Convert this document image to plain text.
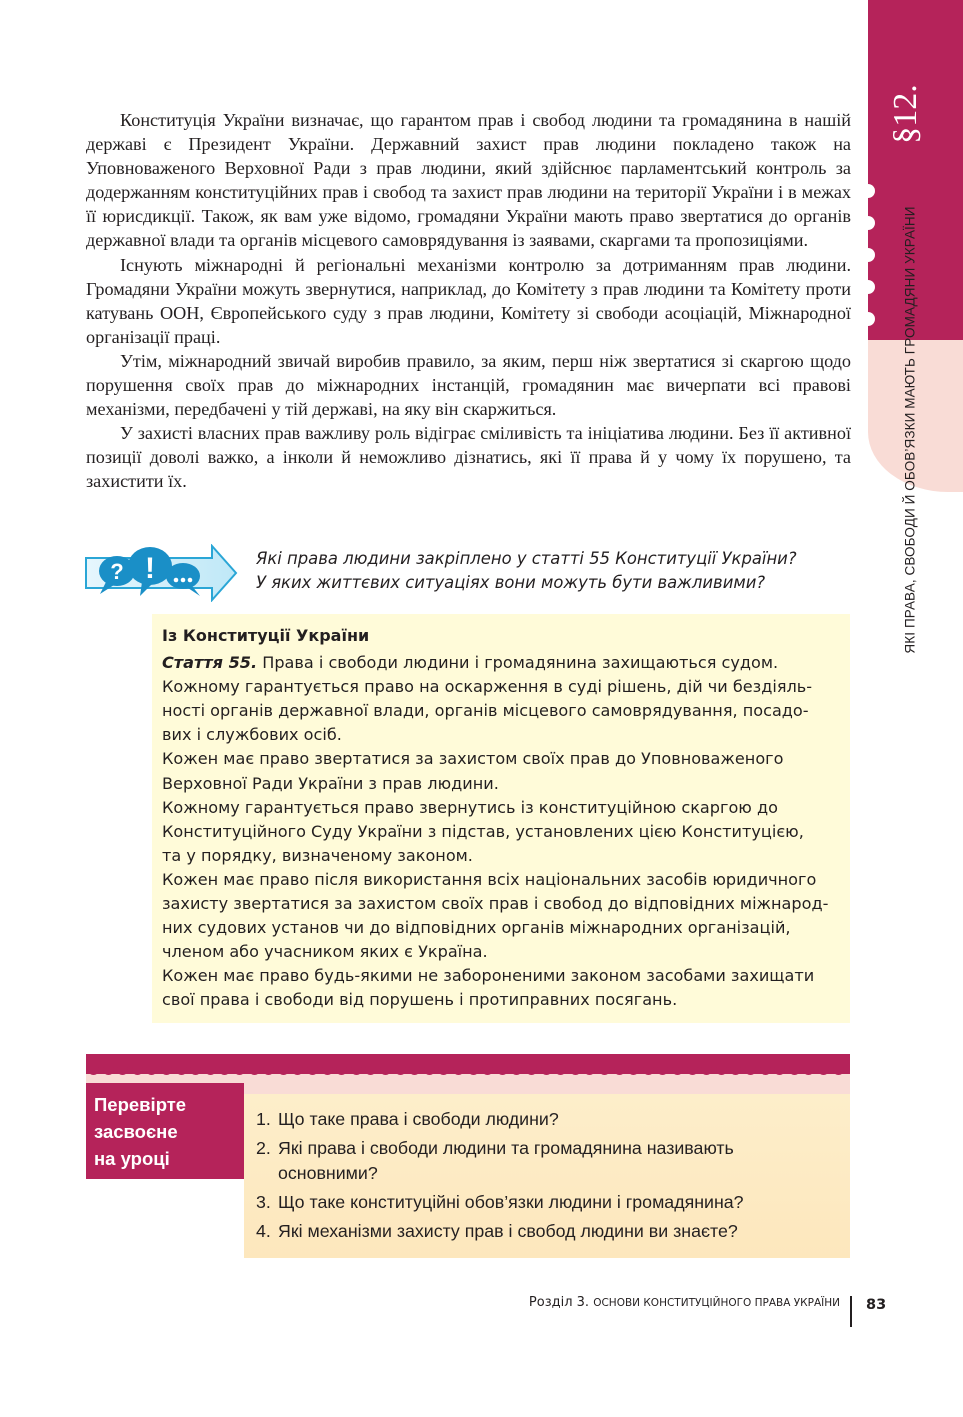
§12.
ЯКІ ПРАВА, СВОБОДИ Й ОБОВ’ЯЗКИ МАЮТЬ ГРОМАДЯНИ УКРАЇНИ

Конституція України визначає, що гарантом прав і свобод людини та громадянина в нашій державі є Президент України. Державний захист прав людини покладено також на Уповноваженого Верховної Ради з прав людини, який здійснює парламентський контроль за додержанням конституційних прав і свобод та захист прав людини на території України і в межах її юрисдикції. Також, як вам уже відомо, громадяни України мають право звертатися до органів державної влади та органів місцевого самоврядування із заявами, скаргами та пропозиціями.

Існують міжнародні й регіональні механізми контролю за дотриманням прав людини. Громадяни України можуть звернутися, наприклад, до Комітету з прав людини та Комітету проти катувань ООН, Європейського суду з прав людини, Комітету зі свободи асоціацій, Міжнародної організації праці.

Утім, міжнародний звичай виробив правило, за яким, перш ніж звертатися зі скаргою щодо порушення своїх прав до міжнародних інстанцій, громадянин має вичерпати всі правові механізми, передбачені у тій державі, на яку він скаржиться.

У захисті власних прав важливу роль відіграє сміливість та ініціатива людини. Без її активної позиції доволі важко, а інколи й неможливо дізнатись, які її права й у чому їх порушено, та захистити їх.

? !	Які права людини закріплено у статті 55 Конституції України?
У яких життєвих ситуаціях вони можуть бути важливими?
Із Конституції України
Стаття 55. Права і свободи людини і громадянина захищаються судом.
Кожному гарантується право на оскарження в суді рішень, дій чи бездіяль-
ності органів державної влади, органів місцевого самоврядування, посадо-
вих і службових осіб.
Кожен має право звертатися за захистом своїх прав до Уповноваженого
Верховної Ради України з прав людини.
Кожному гарантується право звернутись із конституційною скаргою до
Конституційного Суду України з підстав, установлених цією Конституцією,
та у порядку, визначеному законом.
Кожен має право після використання всіх національних засобів юридичного
захисту звертатися за захистом своїх прав і свобод до відповідних міжнарод-
них судових установ чи до відповідних органів міжнародних організацій,
членом або учасником яких є Україна.
Кожен має право будь-якими не забороненими законом засобами захищати
свої права і свободи від порушень і протиправних посягань.
Перевірте
засвоєне
на уроці
1. Що таке права і свободи людини?
2. Які права і свободи людини та громадянина називають
основними?
3. Що таке конституційні обов’язки людини і громадянина?
4. Які механізми захисту прав і свобод людини ви знаєте?
Розділ 3. ОСНОВИ КОНСТИТУЦІЙНОГО ПРАВА УКРАЇНИ 83
